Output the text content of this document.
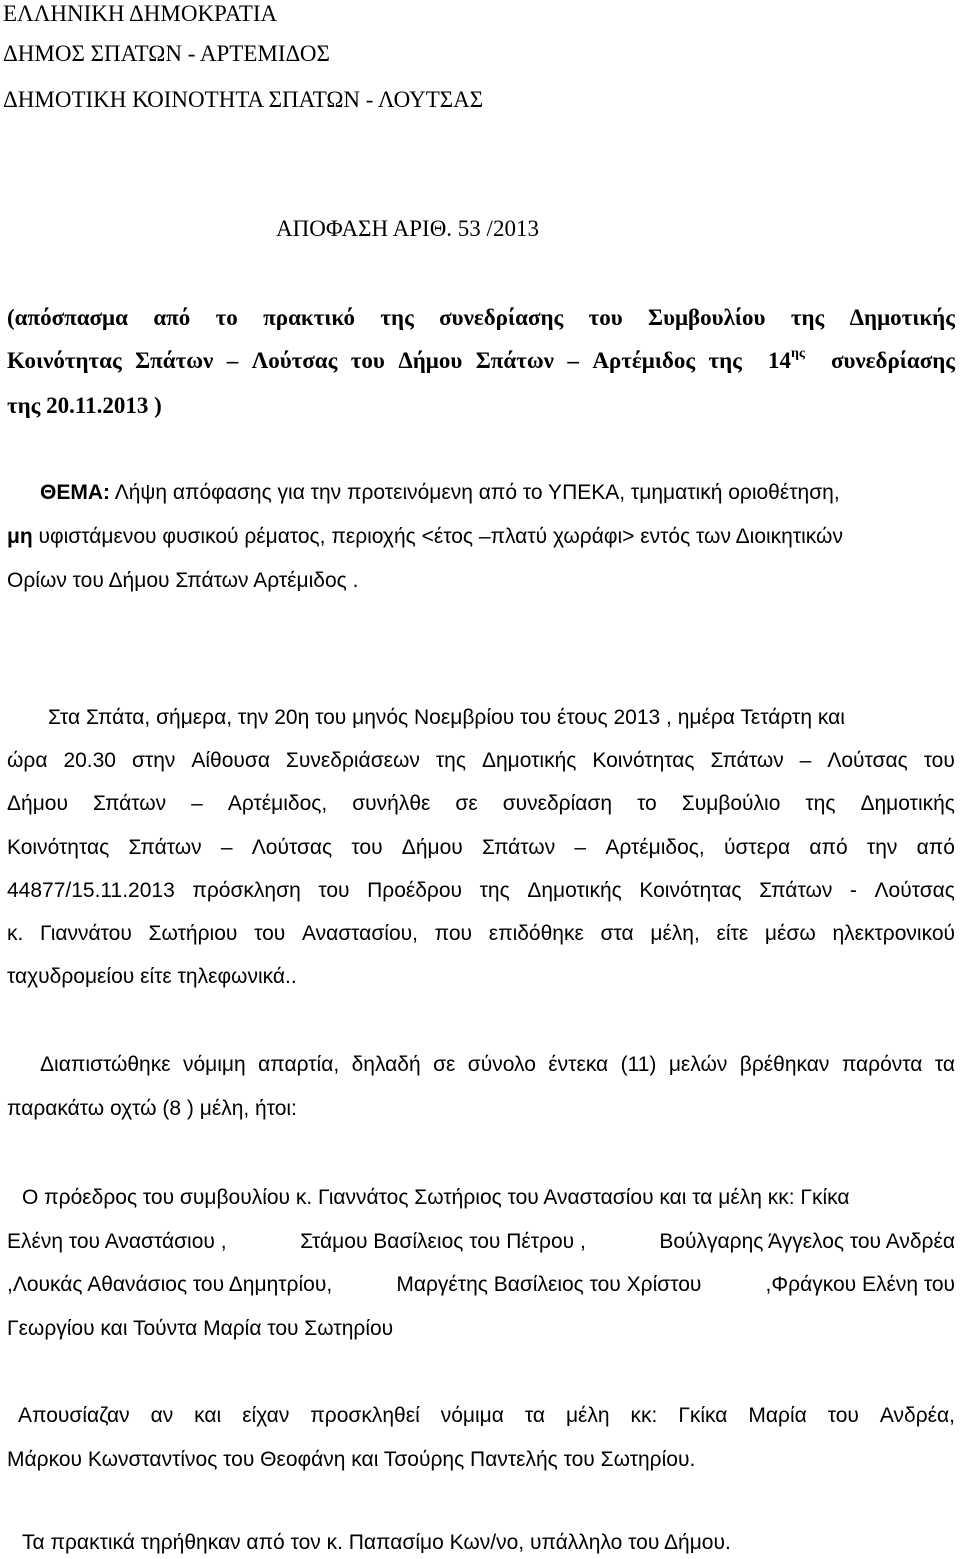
ΕΛΛΗΝΙΚΗ ΔΗΜΟΚΡΑΤΙΑ
ΔΗΜΟΣ ΣΠΑΤΩΝ - ΑΡΤΕΜΙΔΟΣ
ΔΗΜΟΤΙΚΗ ΚΟΙΝΟΤΗΤΑ ΣΠΑΤΩΝ - ΛΟΥΤΣΑΣ
ΑΠΟΦΑΣΗ ΑΡΙΘ. 53 /2013
(απόσπασμα από το πρακτικό της συνεδρίασης του Συμβουλίου της Δημοτικής
Κοινότητας Σπάτων – Λούτσας του Δήμου Σπάτων – Αρτέμιδος της $14^{\eta\varsigma}$ συνεδρίασης
της 20.11.2013 )
ΘΕΜΑ: Λήψη απόφασης για την προτεινόμενη από το ΥΠΕΚΑ, τμηματική οριοθέτηση,
μη υφιστάμενου φυσικού ρέματος, περιοχής <έτος –πλατύ χωράφι> εντός των Διοικητικών
Ορίων του Δήμου Σπάτων Αρτέμιδος .
Στα Σπάτα, σήμερα, την 20η του μηνός Νοεμβρίου του έτους 2013 , ημέρα Τετάρτη και
ώρα 20.30 στην Αίθουσα Συνεδριάσεων της Δημοτικής Κοινότητας Σπάτων – Λούτσας του
Δήμου Σπάτων – Αρτέμιδος, συνήλθε σε συνεδρίαση το Συμβούλιο της Δημοτικής
Κοινότητας Σπάτων – Λούτσας του Δήμου Σπάτων – Αρτέμιδος, ύστερα από την από
44877/15.11.2013 πρόσκληση του Προέδρου της Δημοτικής Κοινότητας Σπάτων - Λούτσας
κ. Γιαννάτου Σωτήριου του Αναστασίου, που επιδόθηκε στα μέλη, είτε μέσω ηλεκτρονικού
ταχυδρομείου είτε τηλεφωνικά..
Διαπιστώθηκε νόμιμη απαρτία, δηλαδή σε σύνολο έντεκα (11) μελών βρέθηκαν παρόντα τα
παρακάτω οχτώ (8 ) μέλη, ήτοι:
Ο πρόεδρος του συμβουλίου κ. Γιαννάτος Σωτήριος του Αναστασίου και τα μέλη κκ: Γκίκα
Ελένη του Αναστάσιου ,	Στάμου Βασίλειος του Πέτρου ,	Βούλγαρης Άγγελος του Ανδρέα
,Λουκάς Αθανάσιος του Δημητρίου,	Μαργέτης Βασίλειος του Χρίστου	,Φράγκου Ελένη του
Γεωργίου και Τούντα Μαρία του Σωτηρίου
Απουσίαζαν αν και είχαν προσκληθεί νόμιμα τα μέλη κκ: Γκίκα Μαρία του Ανδρέα,
Μάρκου Κωνσταντίνος του Θεοφάνη και Τσούρης Παντελής του Σωτηρίου.
Τα πρακτικά τηρήθηκαν από τον κ. Παπασίμο Κων/νο, υπάλληλο του Δήμου.
